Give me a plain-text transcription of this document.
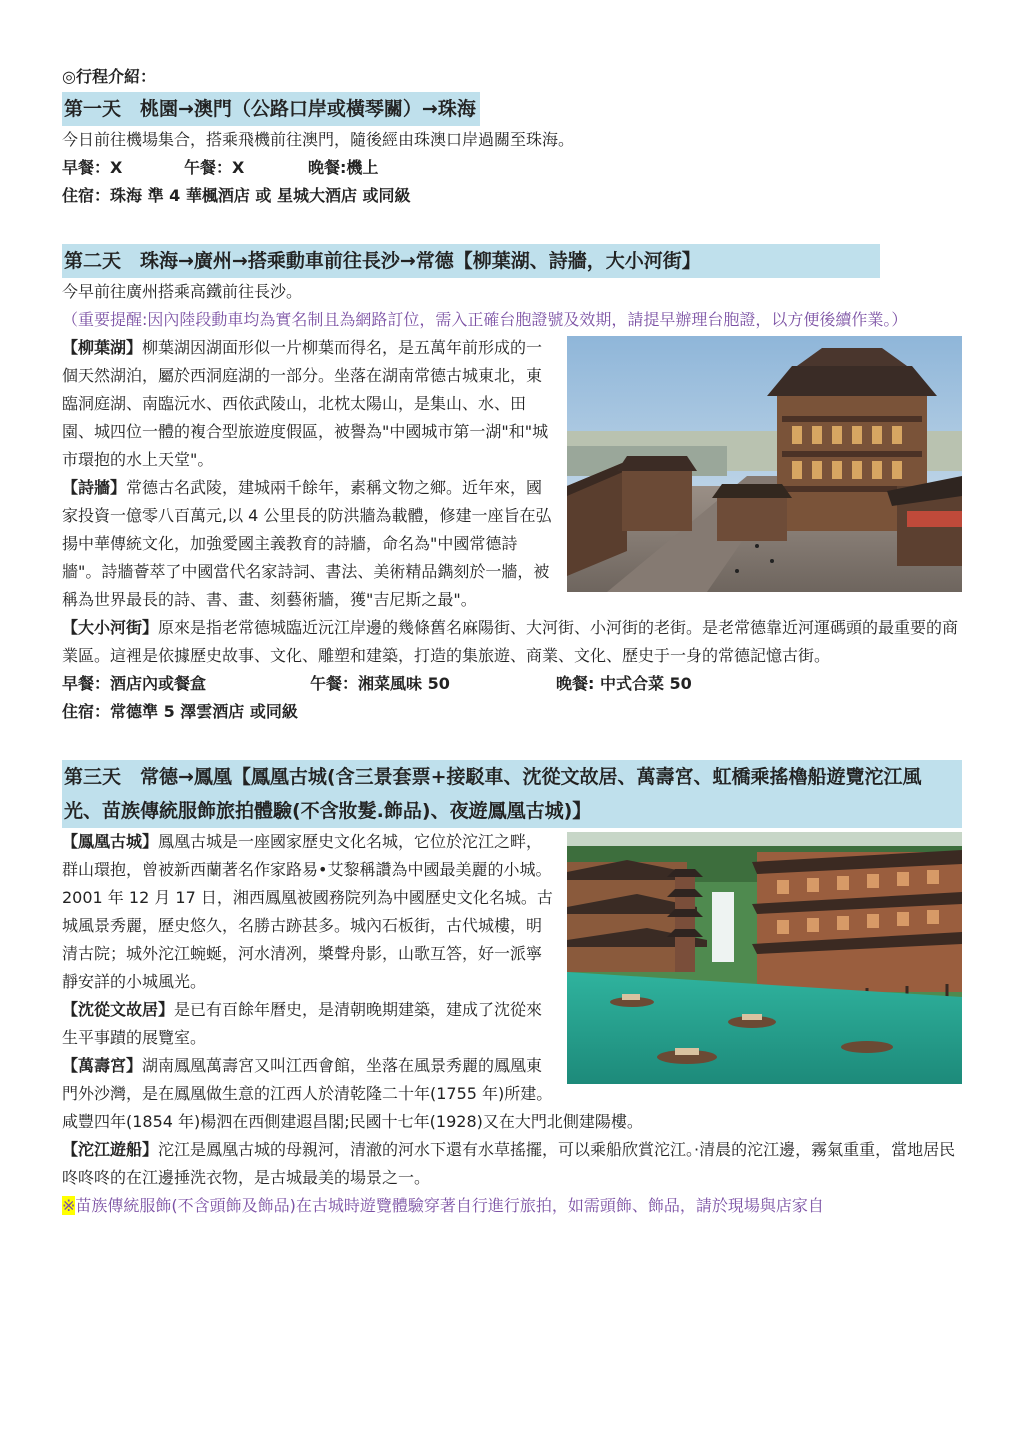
◎行程介紹：
第一天　桃園→澳門（公路口岸或橫琴關）→珠海
今日前往機場集合，搭乘飛機前往澳門，隨後經由珠澳口岸過關至珠海。
早餐：X	午餐：X	晚餐:機上
住宿：珠海 準 4 華楓酒店 或 星城大酒店 或同級
第二天　珠海→廣州→搭乘動車前往長沙→常德【柳葉湖、詩牆，大小河街】
今早前往廣州搭乘高鐵前往長沙。
（重要提醒:因內陸段動車均為實名制且為網路訂位，需入正確台胞證號及效期，請提早辦理台胞證，以方便後續作業。）
【柳葉湖】柳葉湖因湖面形似一片柳葉而得名，是五萬年前形成的一個天然湖泊，屬於西洞庭湖的一部分。坐落在湖南常德古城東北，東臨洞庭湖、南臨沅水、西依武陵山，北枕太陽山，是集山、水、田園、城四位一體的複合型旅遊度假區，被譽為"中國城市第一湖"和"城市環抱的水上天堂"。
【詩牆】常德古名武陵，建城兩千餘年，素稱文物之鄉。近年來，國家投資一億零八百萬元,以 4 公里長的防洪牆為載體，修建一座旨在弘揚中華傳統文化，加強愛國主義教育的詩牆，命名為"中國常德詩牆"。詩牆薈萃了中國當代名家詩詞、書法、美術精品鐫刻於一牆，被稱為世界最長的詩、書、畫、刻藝術牆，獲"吉尼斯之最"。
【大小河街】原來是指老常德城臨近沅江岸邊的幾條舊名麻陽街、大河街、小河街的老街。是老常德靠近河運碼頭的最重要的商業區。這裡是依據歷史故事、文化、雕塑和建築，打造的集旅遊、商業、文化、歷史于一身的常德記憶古街。
早餐：酒店內或餐盒	午餐：湘菜風味 50	晚餐: 中式合菜 50
住宿：常德準 5 澤雲酒店 或同級
第三天　常德→鳳凰【鳳凰古城(含三景套票+接駁車、沈從文故居、萬壽宮、虹橋乘搖櫓船遊覽沱江風光、苗族傳統服飾旅拍體驗(不含妝髮.飾品)、夜遊鳳凰古城)】
【鳳凰古城】鳳凰古城是一座國家歷史文化名城，它位於沱江之畔，群山環抱，曾被新西蘭著名作家路易•艾黎稱讚為中國最美麗的小城。2001 年 12 月 17 日，湘西鳳凰被國務院列為中國歷史文化名城。古城風景秀麗，歷史悠久，名勝古跡甚多。城內石板街，古代城樓，明清古院；城外沱江蜿蜒，河水清冽，槳聲舟影，山歌互答，好一派寧靜安詳的小城風光。
【沈從文故居】是已有百餘年曆史，是清朝晚期建築，建成了沈從來生平事蹟的展覽室。
【萬壽宮】湖南鳳凰萬壽宮又叫江西會館，坐落在風景秀麗的鳳凰東門外沙灣，是在鳳凰做生意的江西人於清乾隆二十年(1755 年)所建。咸豐四年(1854 年)楊泗在西側建遐昌閣;民國十七年(1928)又在大門北側建陽樓。
【沱江遊船】沱江是鳳凰古城的母親河，清澈的河水下還有水草搖擺，可以乘船欣賞沱江。·清晨的沱江邊，霧氣重重，當地居民咚咚咚的在江邊捶洗衣物，是古城最美的場景之一。
※苗族傳統服飾(不含頭飾及飾品)在古城時遊覽體驗穿著自行進行旅拍，如需頭飾、飾品，請於現場與店家自
